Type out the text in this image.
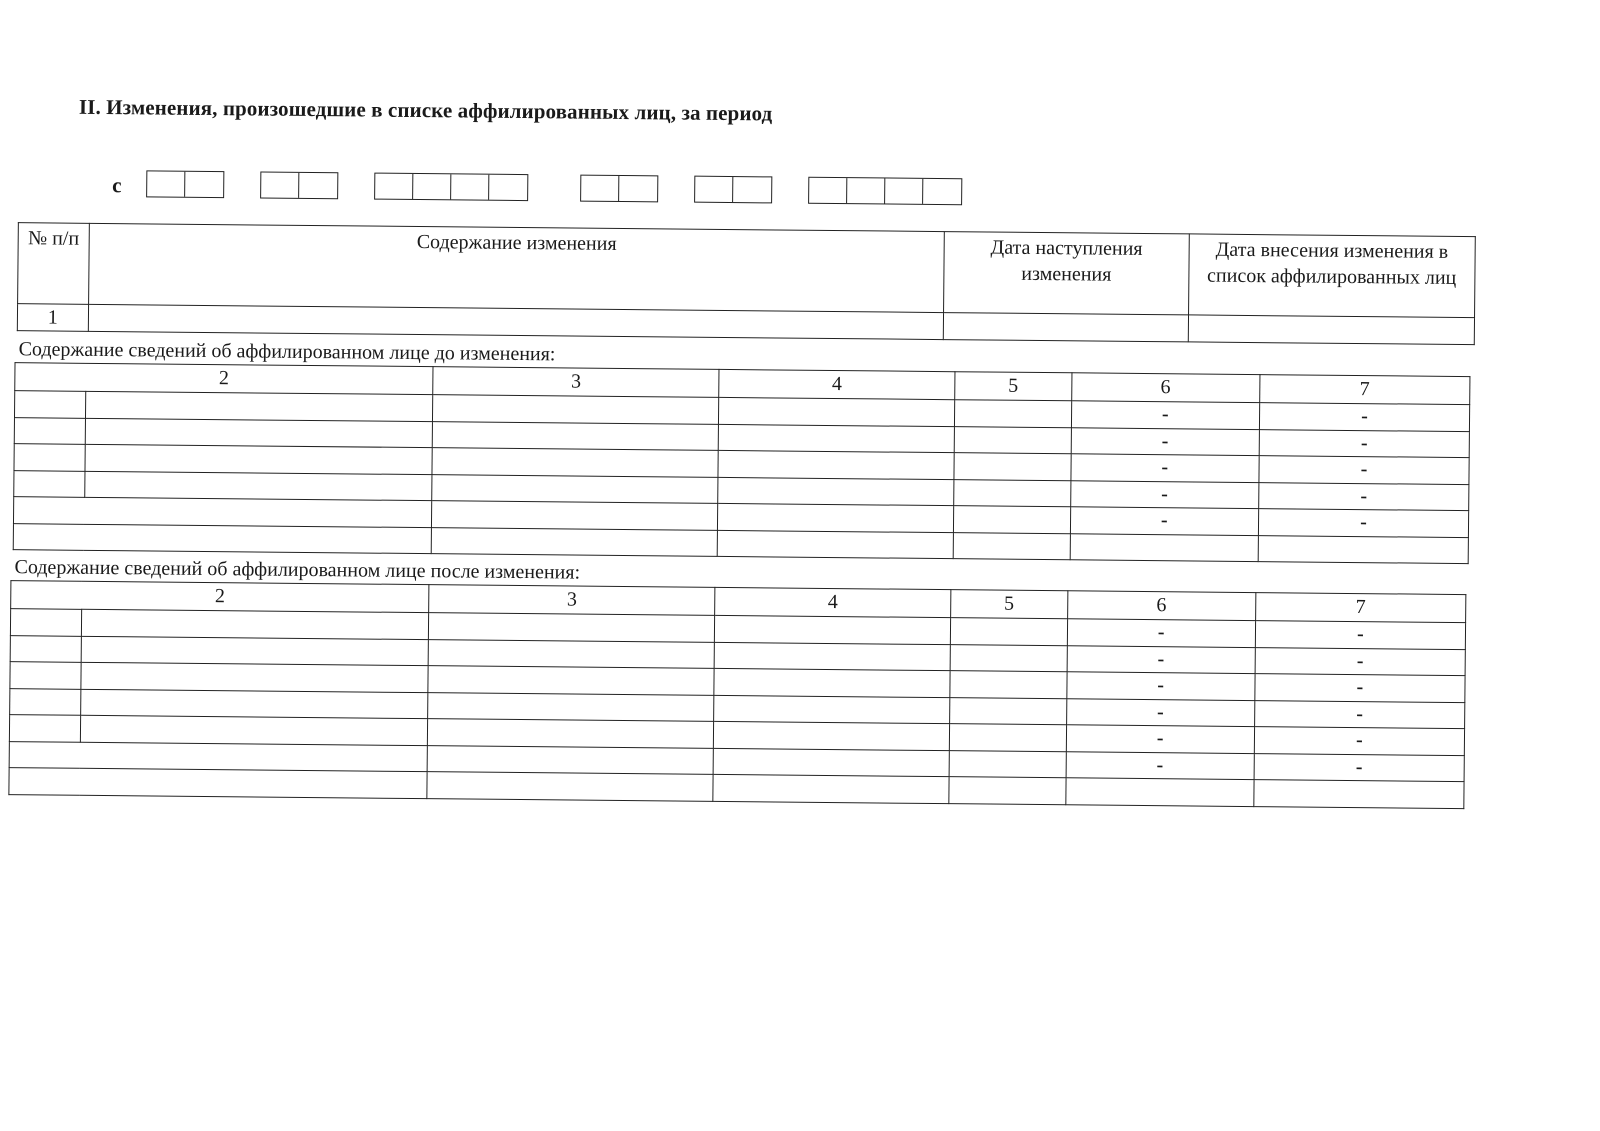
II. Изменения, произошедшие в списке аффилированных лиц, за период
с
№ п/п	Содержание изменения	Дата наступления изменения	Дата внесения изменения в список аффилированных лиц
1			
Содержание сведений об аффилированном лице до изменения:
2		3	4	5	6	7
					-	-
					-	-
					-	-
					-	-
					-	-

Содержание сведений об аффилированном лице после изменения:
2		3	4	5	6	7
					-	-
					-	-
					-	-
					-	-
					-	-
					-	-
